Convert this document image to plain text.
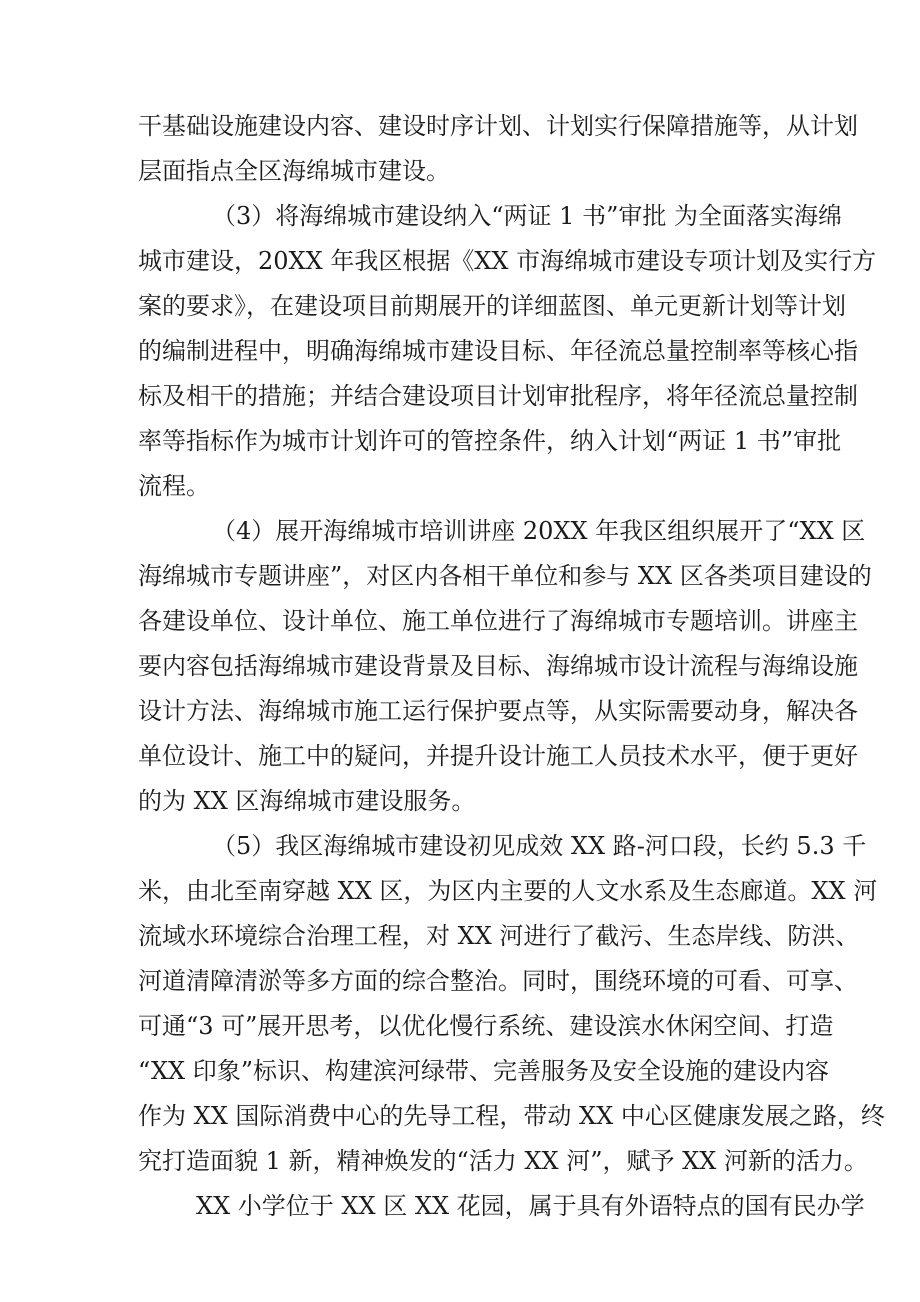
干基础设施建设内容、建设时序计划、计划实行保障措施等，从计划
层面指点全区海绵城市建设。
（3）将海绵城市建设纳入“两证 1 书”审批 为全面落实海绵
城市建设，20XX 年我区根据《XX 市海绵城市建设专项计划及实行方
案的要求》，在建设项目前期展开的详细蓝图、单元更新计划等计划
的编制进程中，明确海绵城市建设目标、年径流总量控制率等核心指
标及相干的措施；并结合建设项目计划审批程序，将年径流总量控制
率等指标作为城市计划许可的管控条件，纳入计划“两证 1 书”审批
流程。
（4）展开海绵城市培训讲座 20XX 年我区组织展开了“XX 区
海绵城市专题讲座”，对区内各相干单位和参与 XX 区各类项目建设的
各建设单位、设计单位、施工单位进行了海绵城市专题培训。讲座主
要内容包括海绵城市建设背景及目标、海绵城市设计流程与海绵设施
设计方法、海绵城市施工运行保护要点等，从实际需要动身，解决各
单位设计、施工中的疑问，并提升设计施工人员技术水平，便于更好
的为 XX 区海绵城市建设服务。
（5）我区海绵城市建设初见成效 XX 路-河口段，长约 5.3 千
米，由北至南穿越 XX 区，为区内主要的人文水系及生态廊道。XX 河
流域水环境综合治理工程，对 XX 河进行了截污、生态岸线、防洪、
河道清障清淤等多方面的综合整治。同时，围绕环境的可看、可享、
可通“3 可”展开思考，以优化慢行系统、建设滨水休闲空间、打造
“XX 印象”标识、构建滨河绿带、完善服务及安全设施的建设内容
作为 XX 国际消费中心的先导工程，带动 XX 中心区健康发展之路，终
究打造面貌 1 新，精神焕发的“活力 XX 河”，赋予 XX 河新的活力。
XX 小学位于 XX 区 XX 花园，属于具有外语特点的国有民办学
